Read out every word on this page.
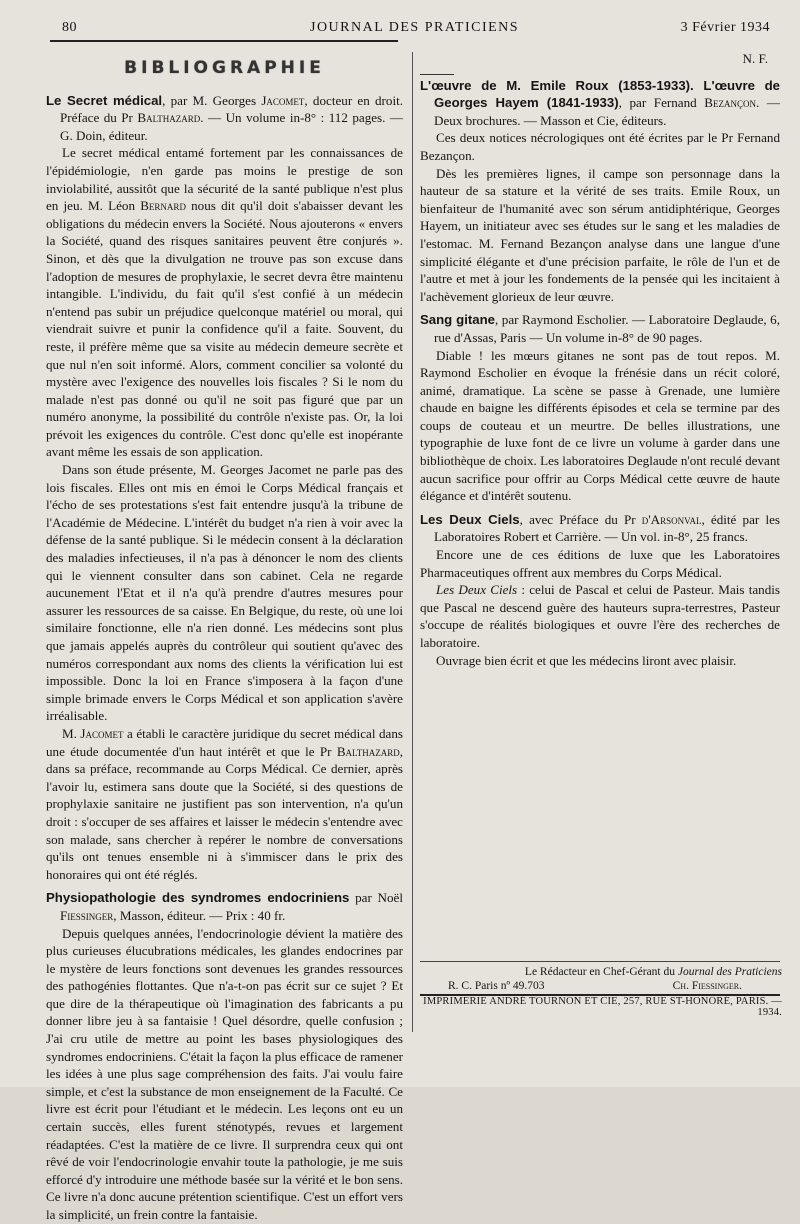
80	JOURNAL DES PRATICIENS	3 Février 1934
BIBLIOGRAPHIE

Le Secret médical, par M. Georges Jacomet, docteur en droit. Préface du Pr Balthazard. — Un volume in-8° : 112 pages. — G. Doin, éditeur.

Le secret médical entamé fortement par les connaissances de l'épidémiologie, n'en garde pas moins le prestige de son inviolabilité, aussitôt que la sécurité de la santé publique n'est plus en jeu. M. Léon Bernard nous dit qu'il doit s'abaisser devant les obligations du médecin envers la Société. Nous ajouterons « envers la Société, quand des risques sanitaires peuvent être conjurés ». Sinon, et dès que la divulgation ne trouve pas son excuse dans l'adoption de mesures de prophylaxie, le secret devra être maintenu intangible. L'individu, du fait qu'il s'est confié à un médecin n'entend pas subir un préjudice quelconque matériel ou moral, qui viendrait suivre et punir la confidence qu'il a faite. Souvent, du reste, il préfère même que sa visite au médecin demeure secrète et que nul n'en soit informé. Alors, comment concilier sa volonté du mystère avec l'exigence des nouvelles lois fiscales ? Si le nom du malade n'est pas donné ou qu'il ne soit pas figuré que par un numéro anonyme, la possibilité du contrôle n'existe pas. Or, la loi prévoit les exigences du contrôle. C'est donc qu'elle est inopérante avant même les essais de son application.

Dans son étude présente, M. Georges Jacomet ne parle pas des lois fiscales. Elles ont mis en émoi le Corps Médical français et l'écho de ses protestations s'est fait entendre jusqu'à la tribune de l'Académie de Médecine. L'intérêt du budget n'a rien à voir avec la défense de la santé publique. Si le médecin consent à la déclaration des maladies infectieuses, il n'a pas à dénoncer le nom des clients qui le viennent consulter dans son cabinet. Cela ne regarde aucunement l'Etat et il n'a qu'à prendre d'autres mesures pour assurer les ressources de sa caisse. En Belgique, du reste, où une loi similaire fonctionne, elle n'a rien donné. Les médecins sont plus que jamais appelés auprès du contrôleur qui soutient qu'avec des numéros correspondant aux noms des clients la vérification lui est impossible. Donc la loi en France s'imposera à la façon d'une simple brimade envers le Corps Médical et son application s'avère irréalisable.

M. Jacomet a établi le caractère juridique du secret médical dans une étude documentée d'un haut intérêt et que le Pr Balthazard, dans sa préface, recommande au Corps Médical. Ce dernier, après l'avoir lu, estimera sans doute que la Société, si des questions de prophylaxie sanitaire ne justifient pas son intervention, n'a qu'un droit : s'occuper de ses affaires et laisser le médecin s'entendre avec son malade, sans chercher à repérer le nombre de conversations qu'ils ont tenues ensemble ni à s'immiscer dans le prix des honoraires qui ont été réglés.

Physiopathologie des syndromes endocriniens par Noël Fiessinger, Masson, éditeur. — Prix : 40 fr.

Depuis quelques années, l'endocrinologie dévient la matière des plus curieuses élucubrations médicales, les glandes endocrines par le mystère de leurs fonctions sont devenues les grandes ressources des pathogénies flottantes. Que n'a-t-on pas écrit sur ce sujet ? Et que dire de la thérapeutique où l'imagination des fabricants a pu donner libre jeu à sa fantaisie ! Quel désordre, quelle confusion ; J'ai cru utile de mettre au point les bases physiologiques des syndromes endocriniens. C'était la façon la plus efficace de ramener les idées à une plus sage compréhension des faits. J'ai voulu faire simple, et c'est la substance de mon enseignement de la Faculté. Ce livre est écrit pour l'étudiant et le médecin. Les leçons ont eu un certain succès, elles furent sténotypés, revues et largement réadaptées. C'est la matière de ce livre. Il surprendra ceux qui ont rêvé de voir l'endocrinologie envahir toute la pathologie, je me suis efforcé d'y introduire une méthode basée sur la vérité et le bon sens. Ce livre n'a donc aucune prétention scientifique. C'est un effort vers la simplicité, un frein contre la fantaisie.

N. F.

L'œuvre de M. Emile Roux (1853-1933). L'œuvre de Georges Hayem (1841-1933), par Fernand Bezançon. — Deux brochures. — Masson et Cie, éditeurs.

Ces deux notices nécrologiques ont été écrites par le Pr Fernand Bezançon.

Dès les premières lignes, il campe son personnage dans la hauteur de sa stature et la vérité de ses traits. Emile Roux, un bienfaiteur de l'humanité avec son sérum antidiphtérique, Georges Hayem, un initiateur avec ses études sur le sang et les maladies de l'estomac. M. Fernand Bezançon analyse dans une langue d'une simplicité élégante et d'une précision parfaite, le rôle de l'un et de l'autre et met à jour les fondements de la pensée qui les incitaient à l'achèvement glorieux de leur œuvre.

Sang gitane, par Raymond Escholier. — Laboratoire Deglaude, 6, rue d'Assas, Paris — Un volume in-8° de 90 pages.

Diable ! les mœurs gitanes ne sont pas de tout repos. M. Raymond Escholier en évoque la frénésie dans un récit coloré, animé, dramatique. La scène se passe à Grenade, une lumière chaude en baigne les différents épisodes et cela se termine par des coups de couteau et un meurtre. De belles illustrations, une typographie de luxe font de ce livre un volume à garder dans une bibliothèque de choix. Les laboratoires Deglaude n'ont reculé devant aucun sacrifice pour offrir au Corps Médical cette œuvre de haute élégance et d'intérêt soutenu.

Les Deux Ciels, avec Préface du Pr d'Arsonval, édité par les Laboratoires Robert et Carrière. — Un vol. in-8°, 25 francs.

Encore une de ces éditions de luxe que les Laboratoires Pharmaceutiques offrent aux membres du Corps Médical.

Les Deux Ciels : celui de Pascal et celui de Pasteur. Mais tandis que Pascal ne descend guère des hauteurs supra-terrestres, Pasteur s'occupe de réalités biologiques et ouvre l'ère des recherches de laboratoire.

Ouvrage bien écrit et que les médecins liront avec plaisir.

Le Rédacteur en Chef-Gérant du Journal des Praticiens
R. C. Paris nº 49.703	Ch. Fiessinger.
IMPRIMERIE ANDRÉ TOURNON ET CIE, 257, RUE ST-HONORÉ, PARIS. — 1934.
